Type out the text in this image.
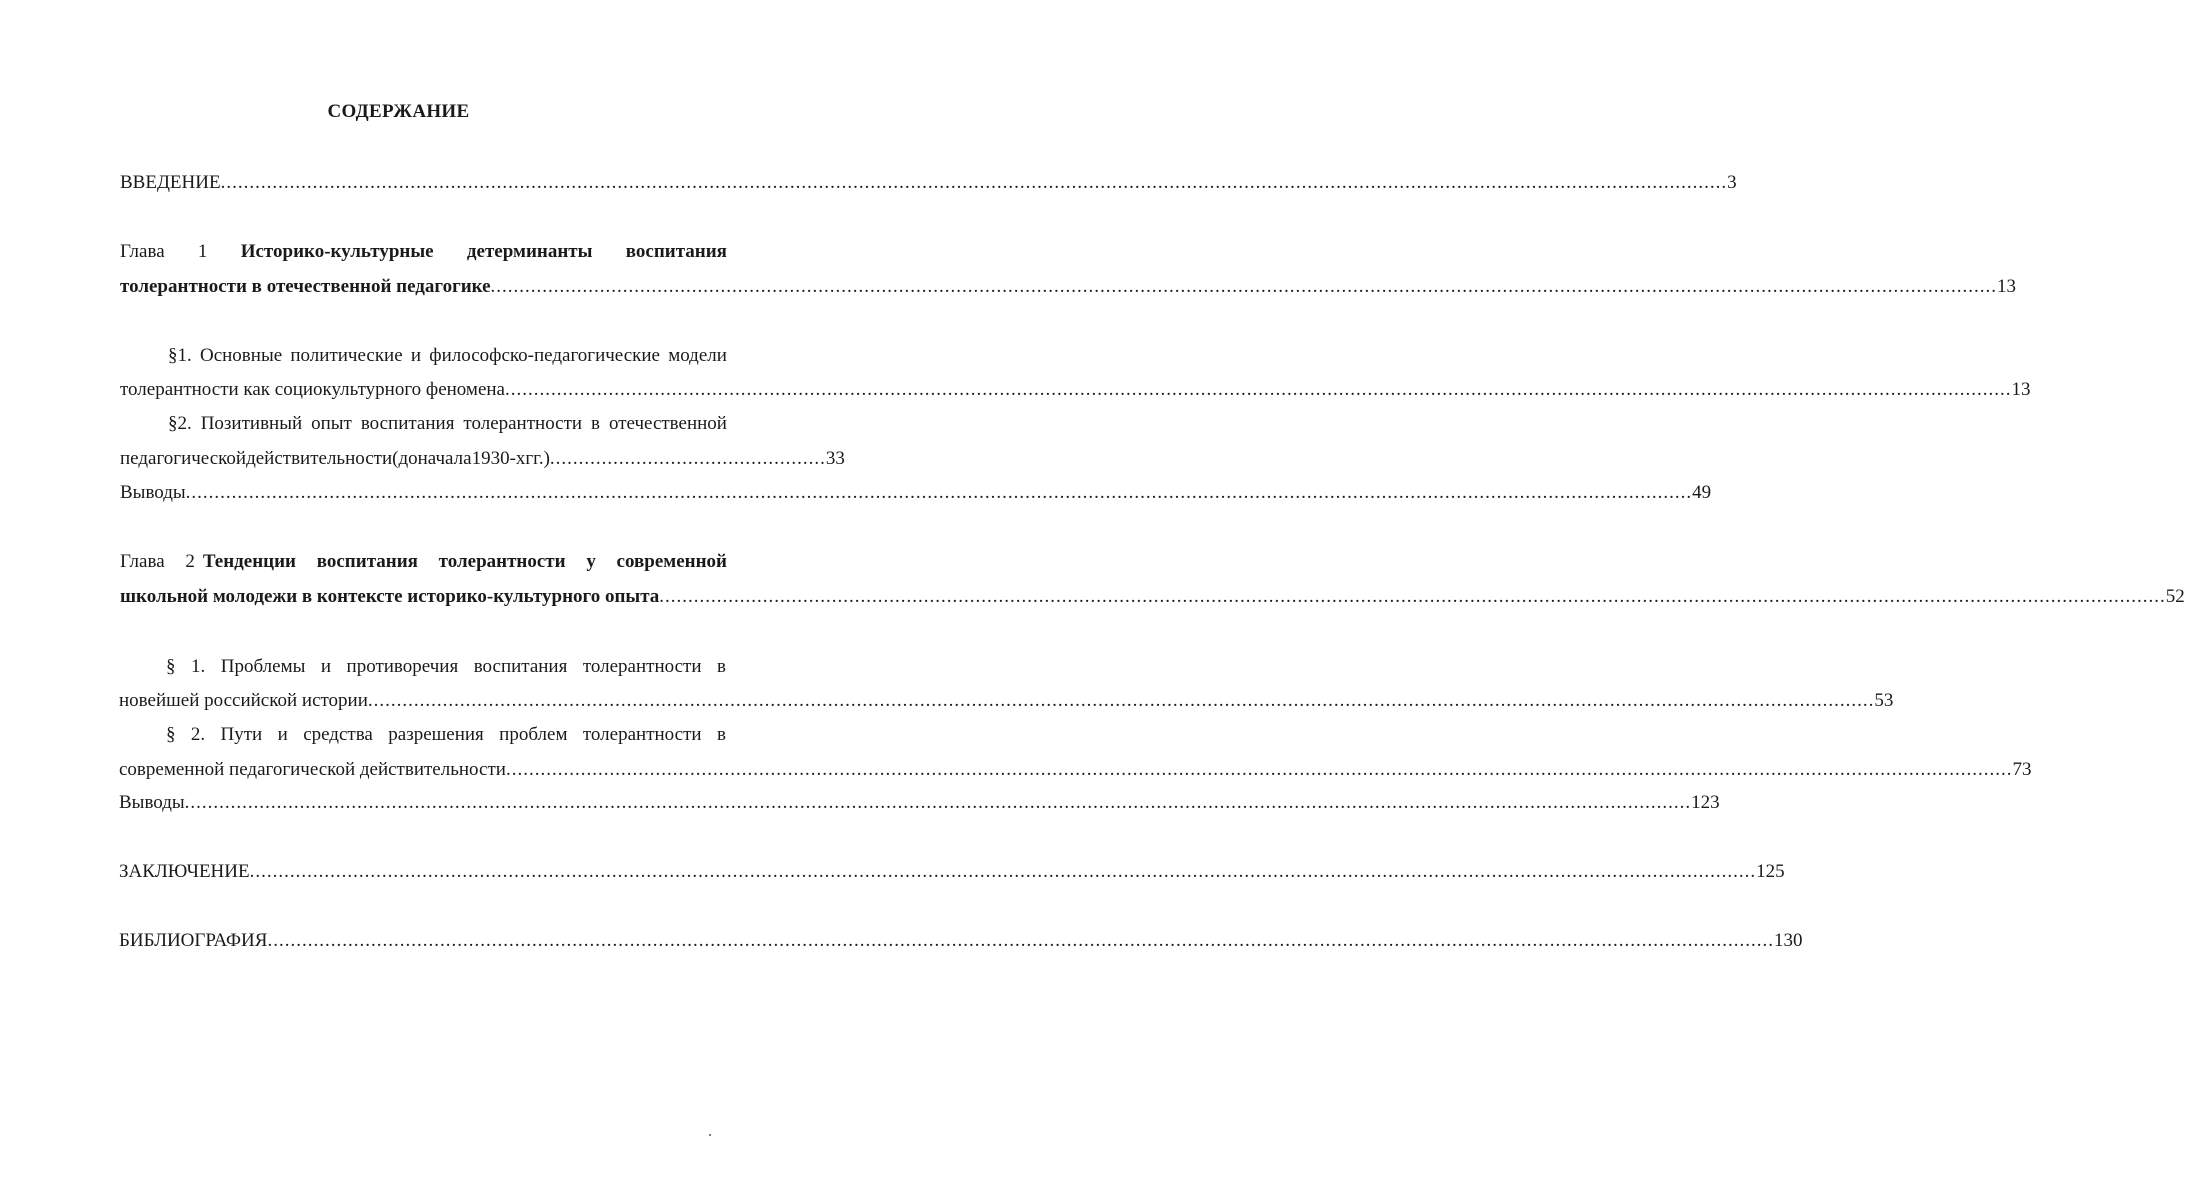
СОДЕРЖАНИЕ
ВВЕДЕНИЕ .....	3
Глава 1 Историко-культурные детерминанты воспитания
толерантности в отечественной педагогике .....	13
§1. Основные политические и философско-педагогические модели
толерантности как социокультурного феномена .....	13
§2. Позитивный опыт воспитания толерантности в отечественной
педагогической действительности (до начала 1930-х гг. ) ................................................ 33
Выводы .....	49
Глава 2 Тенденции воспитания толерантности у современной
школьной молодежи в контексте историко-культурного опыта .....	52
§ 1. Проблемы и противоречия воспитания толерантности в
новейшей российской истории .....	53
§ 2. Пути и средства разрешения проблем толерантности в
современной педагогической действительности .....	73
Выводы .....	123
ЗАКЛЮЧЕНИЕ .....	125
БИБЛИОГРАФИЯ .....	130
